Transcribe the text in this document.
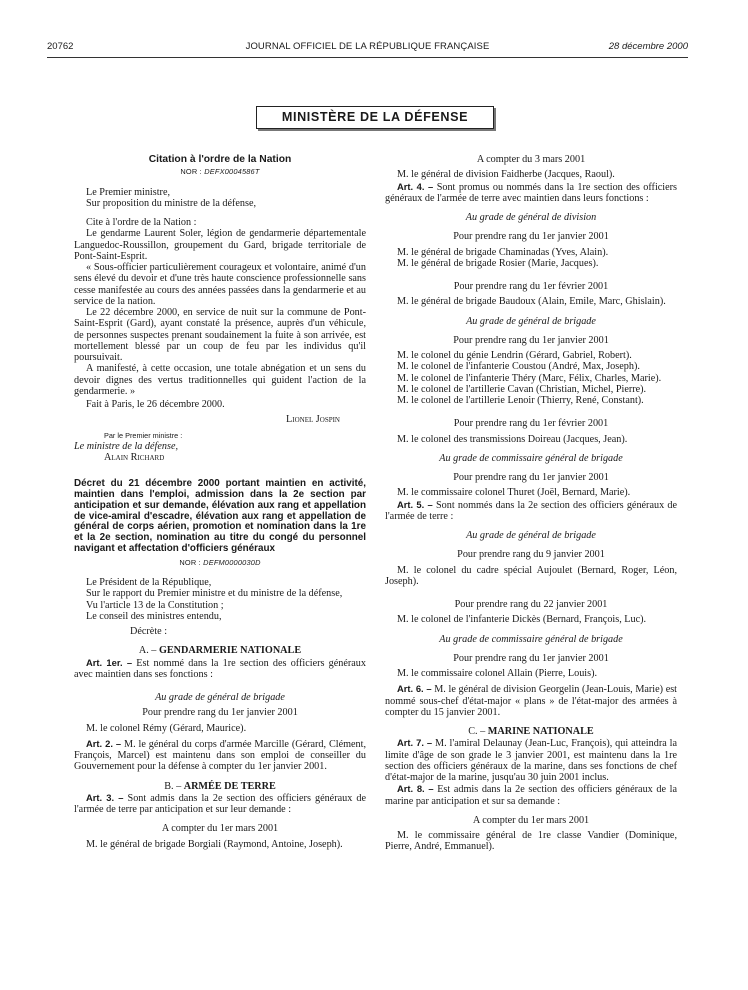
20762	JOURNAL OFFICIEL DE LA RÉPUBLIQUE FRANÇAISE	28 décembre 2000
MINISTÈRE DE LA DÉFENSE

Citation à l'ordre de la Nation

NOR : DEFX0004586T

Le Premier ministre,

Sur proposition du ministre de la défense,

Cite à l'ordre de la Nation :

Le gendarme Laurent Soler, légion de gendarmerie départementale Languedoc-Roussillon, groupement du Gard, brigade territoriale de Pont-Saint-Esprit.

« Sous-officier particulièrement courageux et volontaire, animé d'un sens élevé du devoir et d'une très haute conscience professionnelle sans cesse manifestée au cours des années passées dans la gendarmerie et au service de la nation.

Le 22 décembre 2000, en service de nuit sur la commune de Pont-Saint-Esprit (Gard), ayant constaté la présence, auprès d'un véhicule, de personnes suspectes prenant soudainement la fuite à son arrivée, est mortellement blessé par un coup de feu par les individus qu'il poursuivait.

A manifesté, à cette occasion, une totale abnégation et un sens du devoir dignes des vertus traditionnelles qui guident l'action de la gendarmerie. »

Fait à Paris, le 26 décembre 2000.

Lionel Jospin

Par le Premier ministre :

Le ministre de la défense,

Alain Richard

Décret du 21 décembre 2000 portant maintien en activité, maintien dans l'emploi, admission dans la 2e section par anticipation et sur demande, élévation aux rang et appellation de vice-amiral d'escadre, élévation aux rang et appellation de général de corps aérien, promotion et nomination dans la 1re et la 2e section, nomination au titre du congé du personnel navigant et affectation d'officiers généraux

NOR : DEFM0000030D

Le Président de la République,

Sur le rapport du Premier ministre et du ministre de la défense,

Vu l'article 13 de la Constitution ;

Le conseil des ministres entendu,

Décrète :

A. – GENDARMERIE NATIONALE

Art. 1er. – Est nommé dans la 1re section des officiers généraux avec maintien dans ses fonctions :

Au grade de général de brigade

Pour prendre rang du 1er janvier 2001

M. le colonel Rémy (Gérard, Maurice).

Art. 2. – M. le général du corps d'armée Marcille (Gérard, Clément, François, Marcel) est maintenu dans son emploi de conseiller du Gouvernement pour la défense à compter du 1er janvier 2001.

B. – ARMÉE DE TERRE

Art. 3. – Sont admis dans la 2e section des officiers généraux de l'armée de terre par anticipation et sur leur demande :

A compter du 1er mars 2001

M. le général de brigade Borgiali (Raymond, Antoine, Joseph).

A compter du 3 mars 2001

M. le général de division Faidherbe (Jacques, Raoul).

Art. 4. – Sont promus ou nommés dans la 1re section des officiers généraux de l'armée de terre avec maintien dans leurs fonctions :

Au grade de général de division

Pour prendre rang du 1er janvier 2001

M. le général de brigade Chaminadas (Yves, Alain).

M. le général de brigade Rosier (Marie, Jacques).

Pour prendre rang du 1er février 2001

M. le général de brigade Baudoux (Alain, Emile, Marc, Ghislain).

Au grade de général de brigade

Pour prendre rang du 1er janvier 2001

M. le colonel du génie Lendrin (Gérard, Gabriel, Robert).

M. le colonel de l'infanterie Coustou (André, Max, Joseph).

M. le colonel de l'infanterie Théry (Marc, Félix, Charles, Marie).

M. le colonel de l'artillerie Cavan (Christian, Michel, Pierre).

M. le colonel de l'artillerie Lenoir (Thierry, René, Constant).

Pour prendre rang du 1er février 2001

M. le colonel des transmissions Doireau (Jacques, Jean).

Au grade de commissaire général de brigade

Pour prendre rang du 1er janvier 2001

M. le commissaire colonel Thuret (Joël, Bernard, Marie).

Art. 5. – Sont nommés dans la 2e section des officiers généraux de l'armée de terre :

Au grade de général de brigade

Pour prendre rang du 9 janvier 2001

M. le colonel du cadre spécial Aujoulet (Bernard, Roger, Léon, Joseph).

Pour prendre rang du 22 janvier 2001

M. le colonel de l'infanterie Dickès (Bernard, François, Luc).

Au grade de commissaire général de brigade

Pour prendre rang du 1er janvier 2001

M. le commissaire colonel Allain (Pierre, Louis).

Art. 6. – M. le général de division Georgelin (Jean-Louis, Marie) est nommé sous-chef d'état-major « plans » de l'état-major des armées à compter du 15 janvier 2001.

C. – MARINE NATIONALE

Art. 7. – M. l'amiral Delaunay (Jean-Luc, François), qui atteindra la limite d'âge de son grade le 3 janvier 2001, est maintenu dans la 1re section des officiers généraux de la marine, dans ses fonctions de chef d'état-major de la marine, jusqu'au 30 juin 2001 inclus.

Art. 8. – Est admis dans la 2e section des officiers généraux de la marine par anticipation et sur sa demande :

A compter du 1er mars 2001

M. le commissaire général de 1re classe Vandier (Dominique, Pierre, André, Emmanuel).
